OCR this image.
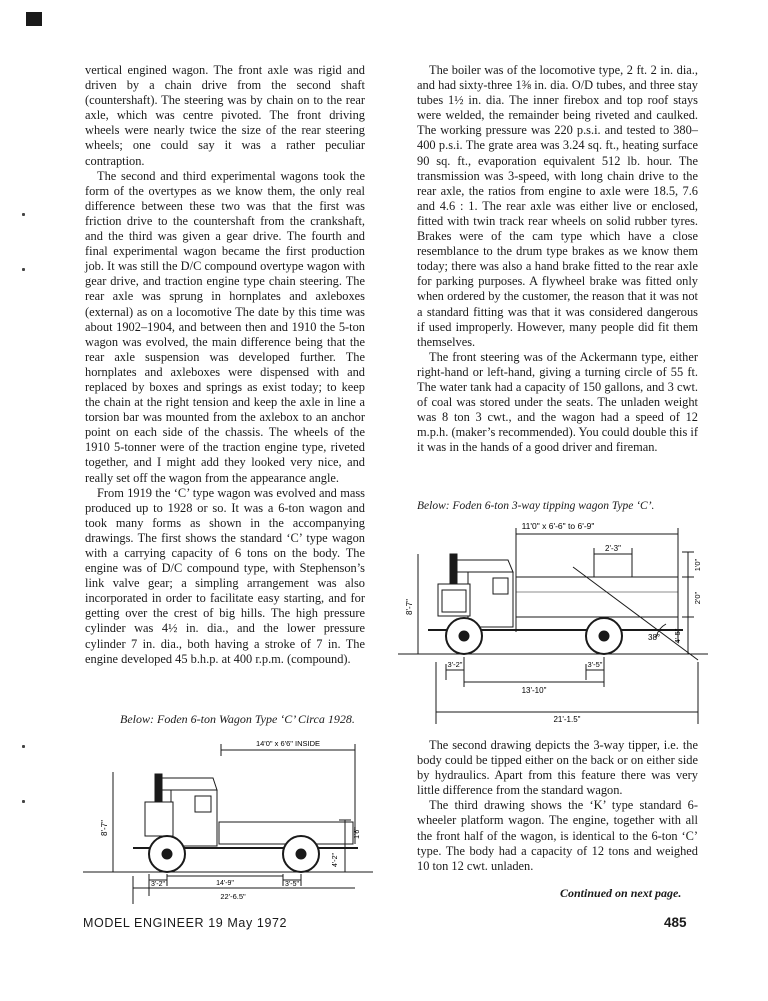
vertical engined wagon. The front axle was rigid and driven by a chain drive from the second shaft (countershaft). The steering was by chain on to the rear axle, which was centre pivoted. The front driving wheels were nearly twice the size of the rear steering wheels; one could say it was a rather peculiar contraption.

The second and third experimental wagons took the form of the overtypes as we know them, the only real difference between these two was that the first was friction drive to the countershaft from the crankshaft, and the third was given a gear drive. The fourth and final experimental wagon became the first production job. It was still the D/C compound overtype wagon with gear drive, and traction engine type chain steering. The rear axle was sprung in hornplates and axleboxes (external) as on a locomotive The date by this time was about 1902–1904, and between then and 1910 the 5-ton wagon was evolved, the main difference being that the rear axle suspension was developed further. The hornplates and axleboxes were dispensed with and replaced by boxes and springs as exist today; to keep the chain at the right tension and keep the axle in line a torsion bar was mounted from the axlebox to an anchor point on each side of the chassis. The wheels of the 1910 5-tonner were of the traction engine type, riveted together, and I might add they looked very nice, and really set off the wagon from the appearance angle.

From 1919 the ‘C’ type wagon was evolved and mass produced up to 1928 or so. It was a 6-ton wagon and took many forms as shown in the accompanying drawings. The first shows the standard ‘C’ type wagon with a carrying capacity of 6 tons on the body. The engine was of D/C compound type, with Stephenson’s link valve gear; a simpling arrangement was also incorporated in order to facilitate easy starting, and for getting over the crest of big hills. The high pressure cylinder was 4½ in. dia., and the lower pressure cylinder 7 in. dia., both having a stroke of 7 in. The engine developed 45 b.h.p. at 400 r.p.m. (compound).

Below: Foden 6-ton Wagon Type ‘C’ Circa 1928.

The boiler was of the locomotive type, 2 ft. 2 in. dia., and had sixty-three 1⅜ in. dia. O/D tubes, and three stay tubes 1½ in. dia. The inner firebox and top roof stays were welded, the remainder being riveted and caulked. The working pressure was 220 p.s.i. and tested to 380–400 p.s.i. The grate area was 3.24 sq. ft., heating surface 90 sq. ft., evaporation equivalent 512 lb. hour. The transmission was 3-speed, with long chain drive to the rear axle, the ratios from engine to axle were 18.5, 7.6 and 4.6 : 1. The rear axle was either live or enclosed, fitted with twin track rear wheels on solid rubber tyres. Brakes were of the cam type which have a close resemblance to the drum type brakes as we know them today; there was also a hand brake fitted to the rear axle for parking purposes. A flywheel brake was fitted only when ordered by the customer, the reason that it was not a standard fitting was that it was considered dangerous if used improperly. However, many people did fit them themselves.

The front steering was of the Ackermann type, either right-hand or left-hand, giving a turning circle of 55 ft. The water tank had a capacity of 150 gallons, and 3 cwt. of coal was stored under the seats. The unladen weight was 8 ton 3 cwt., and the wagon had a speed of 12 m.p.h. (maker’s recommended). You could double this if it was in the hands of a good driver and fireman.

Below: Foden 6-ton 3-way tipping wagon Type ‘C’.
11'0" x 6'-6" to 6'-9"
2'-3"
8'-7"
1'0"
2'0"
4'-5"
38°
3'-2"	3'-5"
13'-10"
21'-1.5"

The second drawing depicts the 3-way tipper, i.e. the body could be tipped either on the back or on either side by hydraulics. Apart from this feature there was very little difference from the standard wagon.

The third drawing shows the ‘K’ type standard 6-wheeler platform wagon. The engine, together with all the front half of the wagon, is identical to the 6-ton ‘C’ type. The body had a capacity of 12 tons and weighed 10 ton 12 cwt. unladen.

Continued on next page.
14'0" x 6'6" INSIDE
8'-7"	1'6"
4'-2"
3'-2"	14'-9"	3'-5"
22'-6.5"
MODEL ENGINEER 19 May 1972	485
